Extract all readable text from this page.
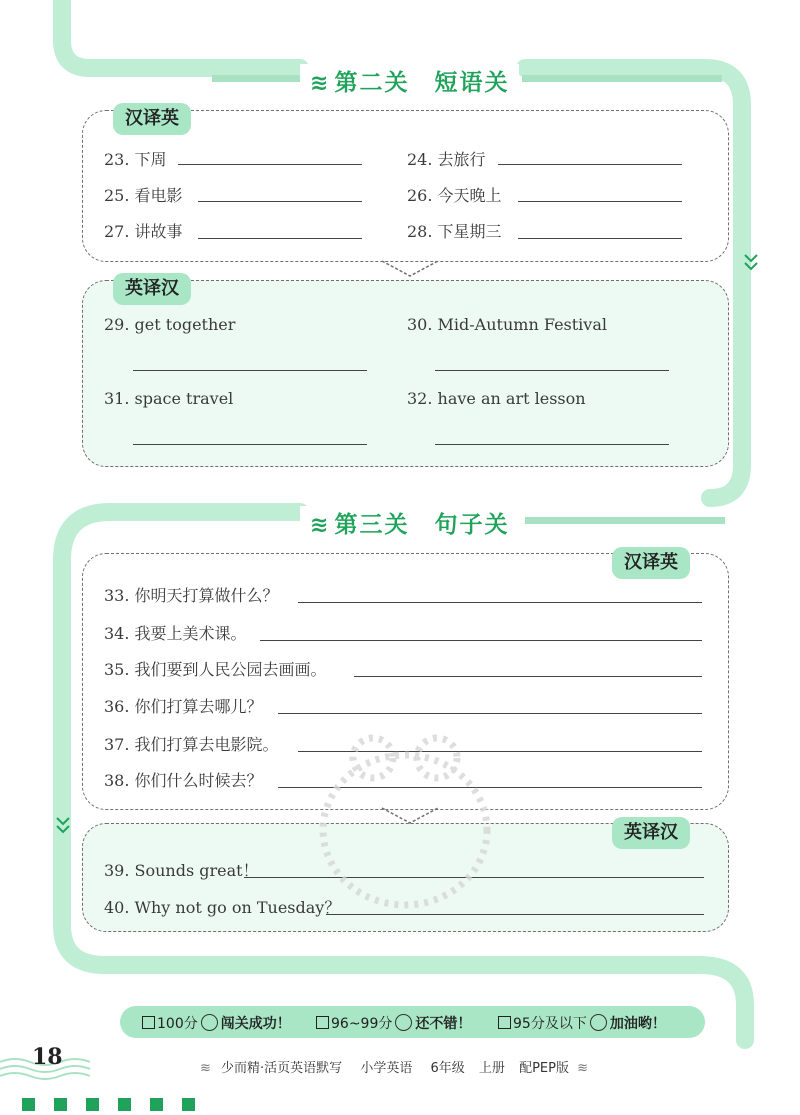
≋ 第二关　短语关
汉译英
23. 下周	24. 去旅行
25. 看电影	26. 今天晚上
27. 讲故事	28. 下星期三
英译汉
29. get together	30. Mid-Autumn Festival
31. space travel	32. have an art lesson
≋ 第三关　句子关
汉译英
33. 你明天打算做什么？
34. 我要上美术课。
35. 我们要到人民公园去画画。
36. 你们打算去哪儿？
37. 我们打算去电影院。
38. 你们什么时候去？
英译汉
39. Sounds great！
40. Why not go on Tuesday？
100分 闯关成功！	96~99分 还不错！	95分及以下 加油哟！
18	≋ 少而精·活页英语默写 小学英语 6年级 上册 配PEP版 ≋
